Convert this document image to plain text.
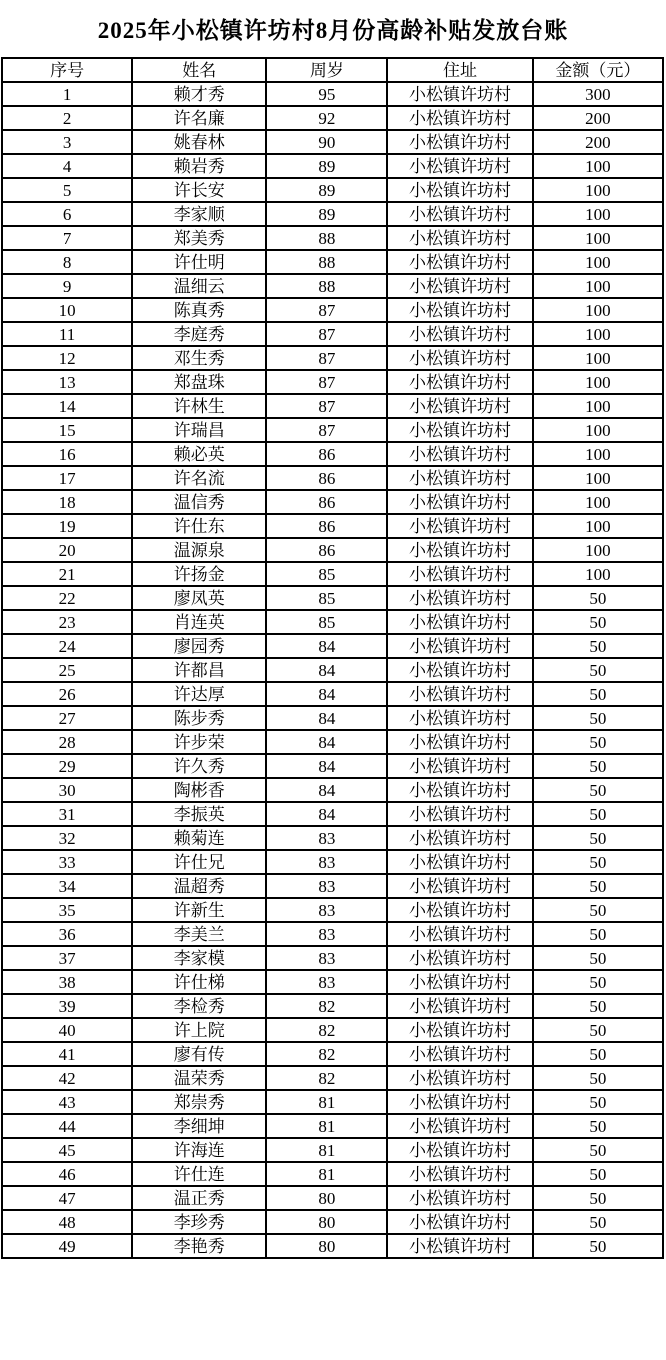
2025年小松镇许坊村8月份高龄补贴发放台账
序号	姓名	周岁	住址	金额（元）
1	赖才秀	95	小松镇许坊村	300
2	许名廉	92	小松镇许坊村	200
3	姚春林	90	小松镇许坊村	200
4	赖岩秀	89	小松镇许坊村	100
5	许长安	89	小松镇许坊村	100
6	李家顺	89	小松镇许坊村	100
7	郑美秀	88	小松镇许坊村	100
8	许仕明	88	小松镇许坊村	100
9	温细云	88	小松镇许坊村	100
10	陈真秀	87	小松镇许坊村	100
11	李庭秀	87	小松镇许坊村	100
12	邓生秀	87	小松镇许坊村	100
13	郑盘珠	87	小松镇许坊村	100
14	许林生	87	小松镇许坊村	100
15	许瑞昌	87	小松镇许坊村	100
16	赖必英	86	小松镇许坊村	100
17	许名流	86	小松镇许坊村	100
18	温信秀	86	小松镇许坊村	100
19	许仕东	86	小松镇许坊村	100
20	温源泉	86	小松镇许坊村	100
21	许扬金	85	小松镇许坊村	100
22	廖凤英	85	小松镇许坊村	50
23	肖连英	85	小松镇许坊村	50
24	廖园秀	84	小松镇许坊村	50
25	许都昌	84	小松镇许坊村	50
26	许达厚	84	小松镇许坊村	50
27	陈步秀	84	小松镇许坊村	50
28	许步荣	84	小松镇许坊村	50
29	许久秀	84	小松镇许坊村	50
30	陶彬香	84	小松镇许坊村	50
31	李振英	84	小松镇许坊村	50
32	赖菊连	83	小松镇许坊村	50
33	许仕兄	83	小松镇许坊村	50
34	温超秀	83	小松镇许坊村	50
35	许新生	83	小松镇许坊村	50
36	李美兰	83	小松镇许坊村	50
37	李家模	83	小松镇许坊村	50
38	许仕梯	83	小松镇许坊村	50
39	李检秀	82	小松镇许坊村	50
40	许上院	82	小松镇许坊村	50
41	廖有传	82	小松镇许坊村	50
42	温荣秀	82	小松镇许坊村	50
43	郑崇秀	81	小松镇许坊村	50
44	李细坤	81	小松镇许坊村	50
45	许海连	81	小松镇许坊村	50
46	许仕连	81	小松镇许坊村	50
47	温正秀	80	小松镇许坊村	50
48	李珍秀	80	小松镇许坊村	50
49	李艳秀	80	小松镇许坊村	50
